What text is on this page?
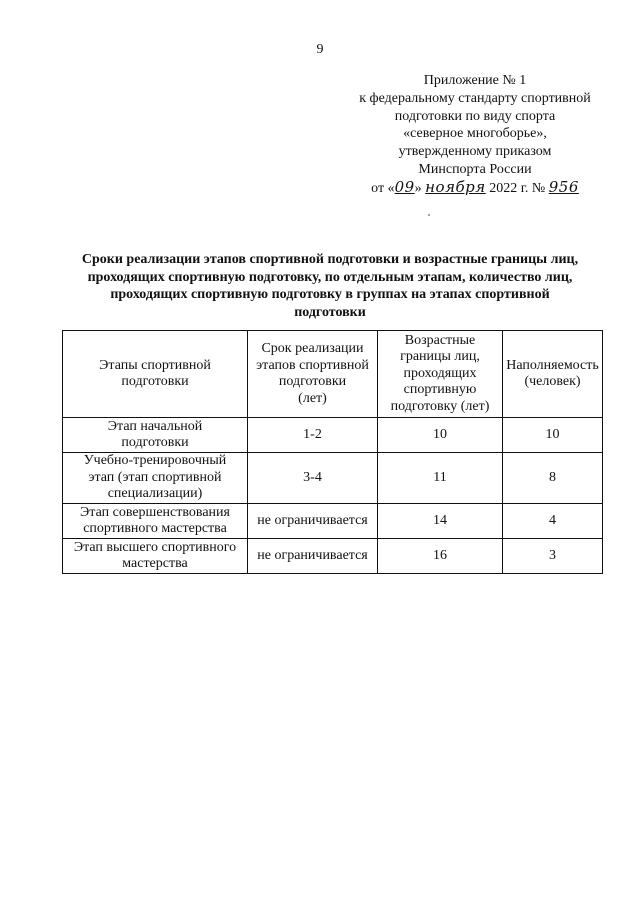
9
Приложение № 1
к федеральному стандарту спортивной
подготовки по виду спорта
«северное многоборье»,
утвержденному приказом
Минспорта России
от «09» ноября 2022 г. № 956
Сроки реализации этапов спортивной подготовки и возрастные границы лиц,
проходящих спортивную подготовку, по отдельным этапам, количество лиц,
проходящих спортивную подготовку в группах на этапах спортивной
подготовки
Этапы спортивной
подготовки	Срок реализации
этапов спортивной
подготовки
(лет)	Возрастные
границы лиц,
проходящих
спортивную
подготовку (лет)	Наполняемость
(человек)

Этап начальной
подготовки	1-2	10	10

Учебно-тренировочный
этап (этап спортивной
специализации)	3-4	11	8

Этап совершенствования
спортивного мастерства	не ограничивается	14	4

Этап высшего спортивного
мастерства	не ограничивается	16	3
